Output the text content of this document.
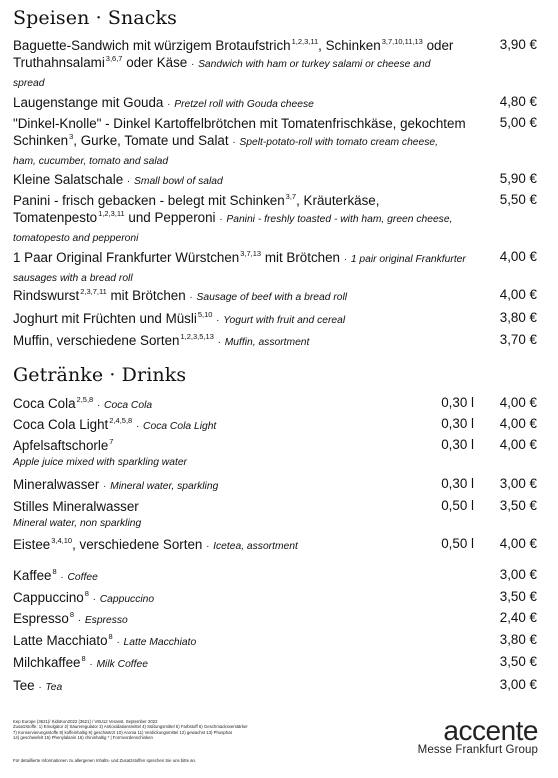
Speisen · Snacks
Baguette-Sandwich mit würzigem Brotaufstrich$^{1,2,3,11}$, Schinken$^{3,7,10,11,13}$ oder
Truthahnsalami$^{3,6,7}$ oder Käse · Sandwich with ham or turkey salami or cheese and
spread
3,90 €
Laugenstange mit Gouda · Pretzel roll with Gouda cheese	4,80 €
"Dinkel-Knolle" - Dinkel Kartoffelbrötchen mit Tomatenfrischkäse, gekochtem
Schinken$^3$, Gurke, Tomate und Salat · Spelt-potato-roll with tomato cream cheese,
ham, cucumber, tomato and salad
5,00 €
Kleine Salatschale · Small bowl of salad	5,90 €
Panini - frisch gebacken - belegt mit Schinken$^{3,7}$, Kräuterkäse,
Tomatenpesto$^{1,2,3,11}$ und Pepperoni · Panini - freshly toasted - with ham, green cheese,
tomatopesto and pepperoni
5,50 €
1 Paar Original Frankfurter Würstchen$^{3,7,13}$ mit Brötchen · 1 pair original Frankfurter
sausages with a bread roll
4,00 €
Rindswurst$^{2,3,7,11}$ mit Brötchen · Sausage of beef with a bread roll	4,00 €
Joghurt mit Früchten und Müsli$^{5,10}$ · Yogurt with fruit and cereal	3,80 €
Muffin, verschiedene Sorten$^{1,2,3,5,13}$ · Muffin, assortment	3,70 €
Getränke · Drinks
Coca Cola$^{2,5,8}$ · Coca Cola	0,30 l 4,00 €
Coca Cola Light$^{2,4,5,8}$ · Coca Cola Light	0,30 l 4,00 €
Apfelsaftschorle$^7$
Apple juice mixed with sparkling water
0,30 l 4,00 €
Mineralwasser · Mineral water, sparkling	0,30 l 3,00 €
Stilles Mineralwasser
Mineral water, non sparkling
0,50 l 3,50 €
Eistee$^{3,4,10}$, verschiedene Sorten · Icetea, assortment	0,50 l 4,00 €
Kaffee$^8$ · Coffee	3,00 €
Cappuccino$^8$ · Cappuccino	3,50 €
Espresso$^8$ · Espresso	2,40 €
Latte Macchiato$^8$ · Latte Macchiato	3,80 €
Milchkaffee$^8$ · Milk Coffee	3,50 €
Tee · Tea	3,00 €
Kep Europe (3621)/ KidsKon2022 (3621) / V8U12 Veranst. September 2022
Zusatzstoffe: 1) Emulgator 2) Säureregulator 3) Antioxidationsmittel 4) Süßungsmittel 5) Farbstoff 6) Geschmacksverstärker
7) Konservierungsstoffe 8) koffeinhaltig 9) geschwärzt 10) Aroma 11) Verdickungsmittel 12) gewachst 13) Phosphat
14) geschwefelt 15) Phenylalanin 16) chininhaltig * | Formvordenschinken
Für detaillierte Informationen zu allergenen Inhalts- und Zusatzstoffen sprechen Sie uns bitte an.
accente
Messe Frankfurt Group
